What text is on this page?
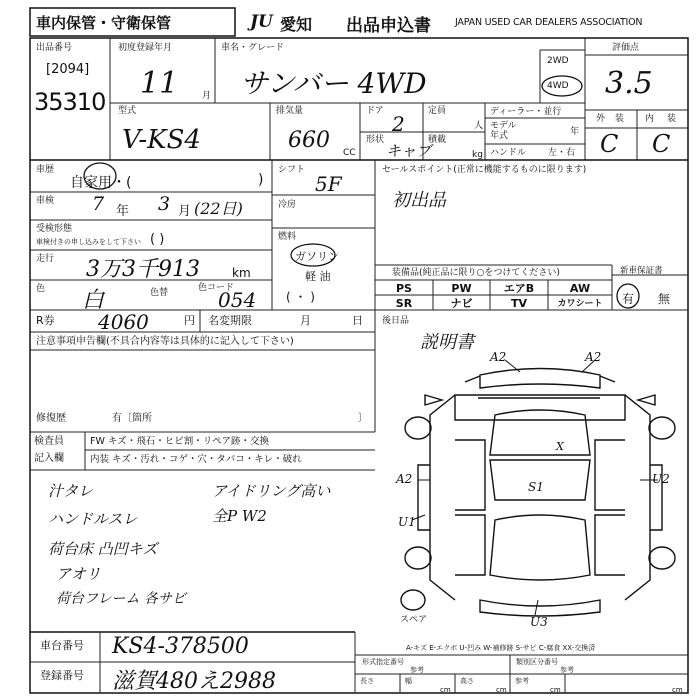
車内保管・守衛保管	JU 愛知 出品申込書	JAPAN USED CAR DEALERS ASSOCIATION
出品番号
[2094]
35310
初度登録年月
11	月
車名・グレード
サンバー 4WD
2WD
4WD
評価点
3.5
外 装 内 装
C C
型式
V-KS4
排気量
660 CC
ドア
2
定員
人
形状
キャブ
積載
kg
ディーラー・並行
モデル
年式	年
ハンドル 左・右
車歴
自家用・(	)
車検 7 年 3 月 (22日)
受検形態
車検付きの申し込みをして下さい ( )
走行 3万3千913	km
色 白	色替	色コード
054
シフト
5F
冷房
燃料
ガソリン
軽 油
( ・ )
セールスポイント(正常に機能するものに限ります)
初出品
装備品(純正品に限り○をつけてください)
PS	PW	エアB	AW
SR	ナビ	TV	カワシート
新車保証書
有 無
R券 4060	円 名変期限	月	日 後日品
説明書
注意事項申告欄(不具合内容等は具体的に記入して下さい)
修復歴	有〔箇所	〕
検査員
記入欄
FW キズ・飛石・ヒビ割・リペア跡・交換
内装 キズ・汚れ・コゲ・穴・タバコ・キレ・破れ
汁タレ
ハンドルスレ
荷台床 凸凹キズ
アオリ
荷台フレーム 各サビ
アイドリング高い
全P W2
A2	A2
A2	U2
U1
S1
U3
X
スペア
A-キズ E-エクボ U-凹み W-補修跡 S-サビ C-腐食 XX-交換済
車台番号 KS4-378500
登録番号 滋賀480え2988
形式指定番号
参考
類別区分番号
参考
長さ
cm
幅
cm
高さ
cm
参考
cm
